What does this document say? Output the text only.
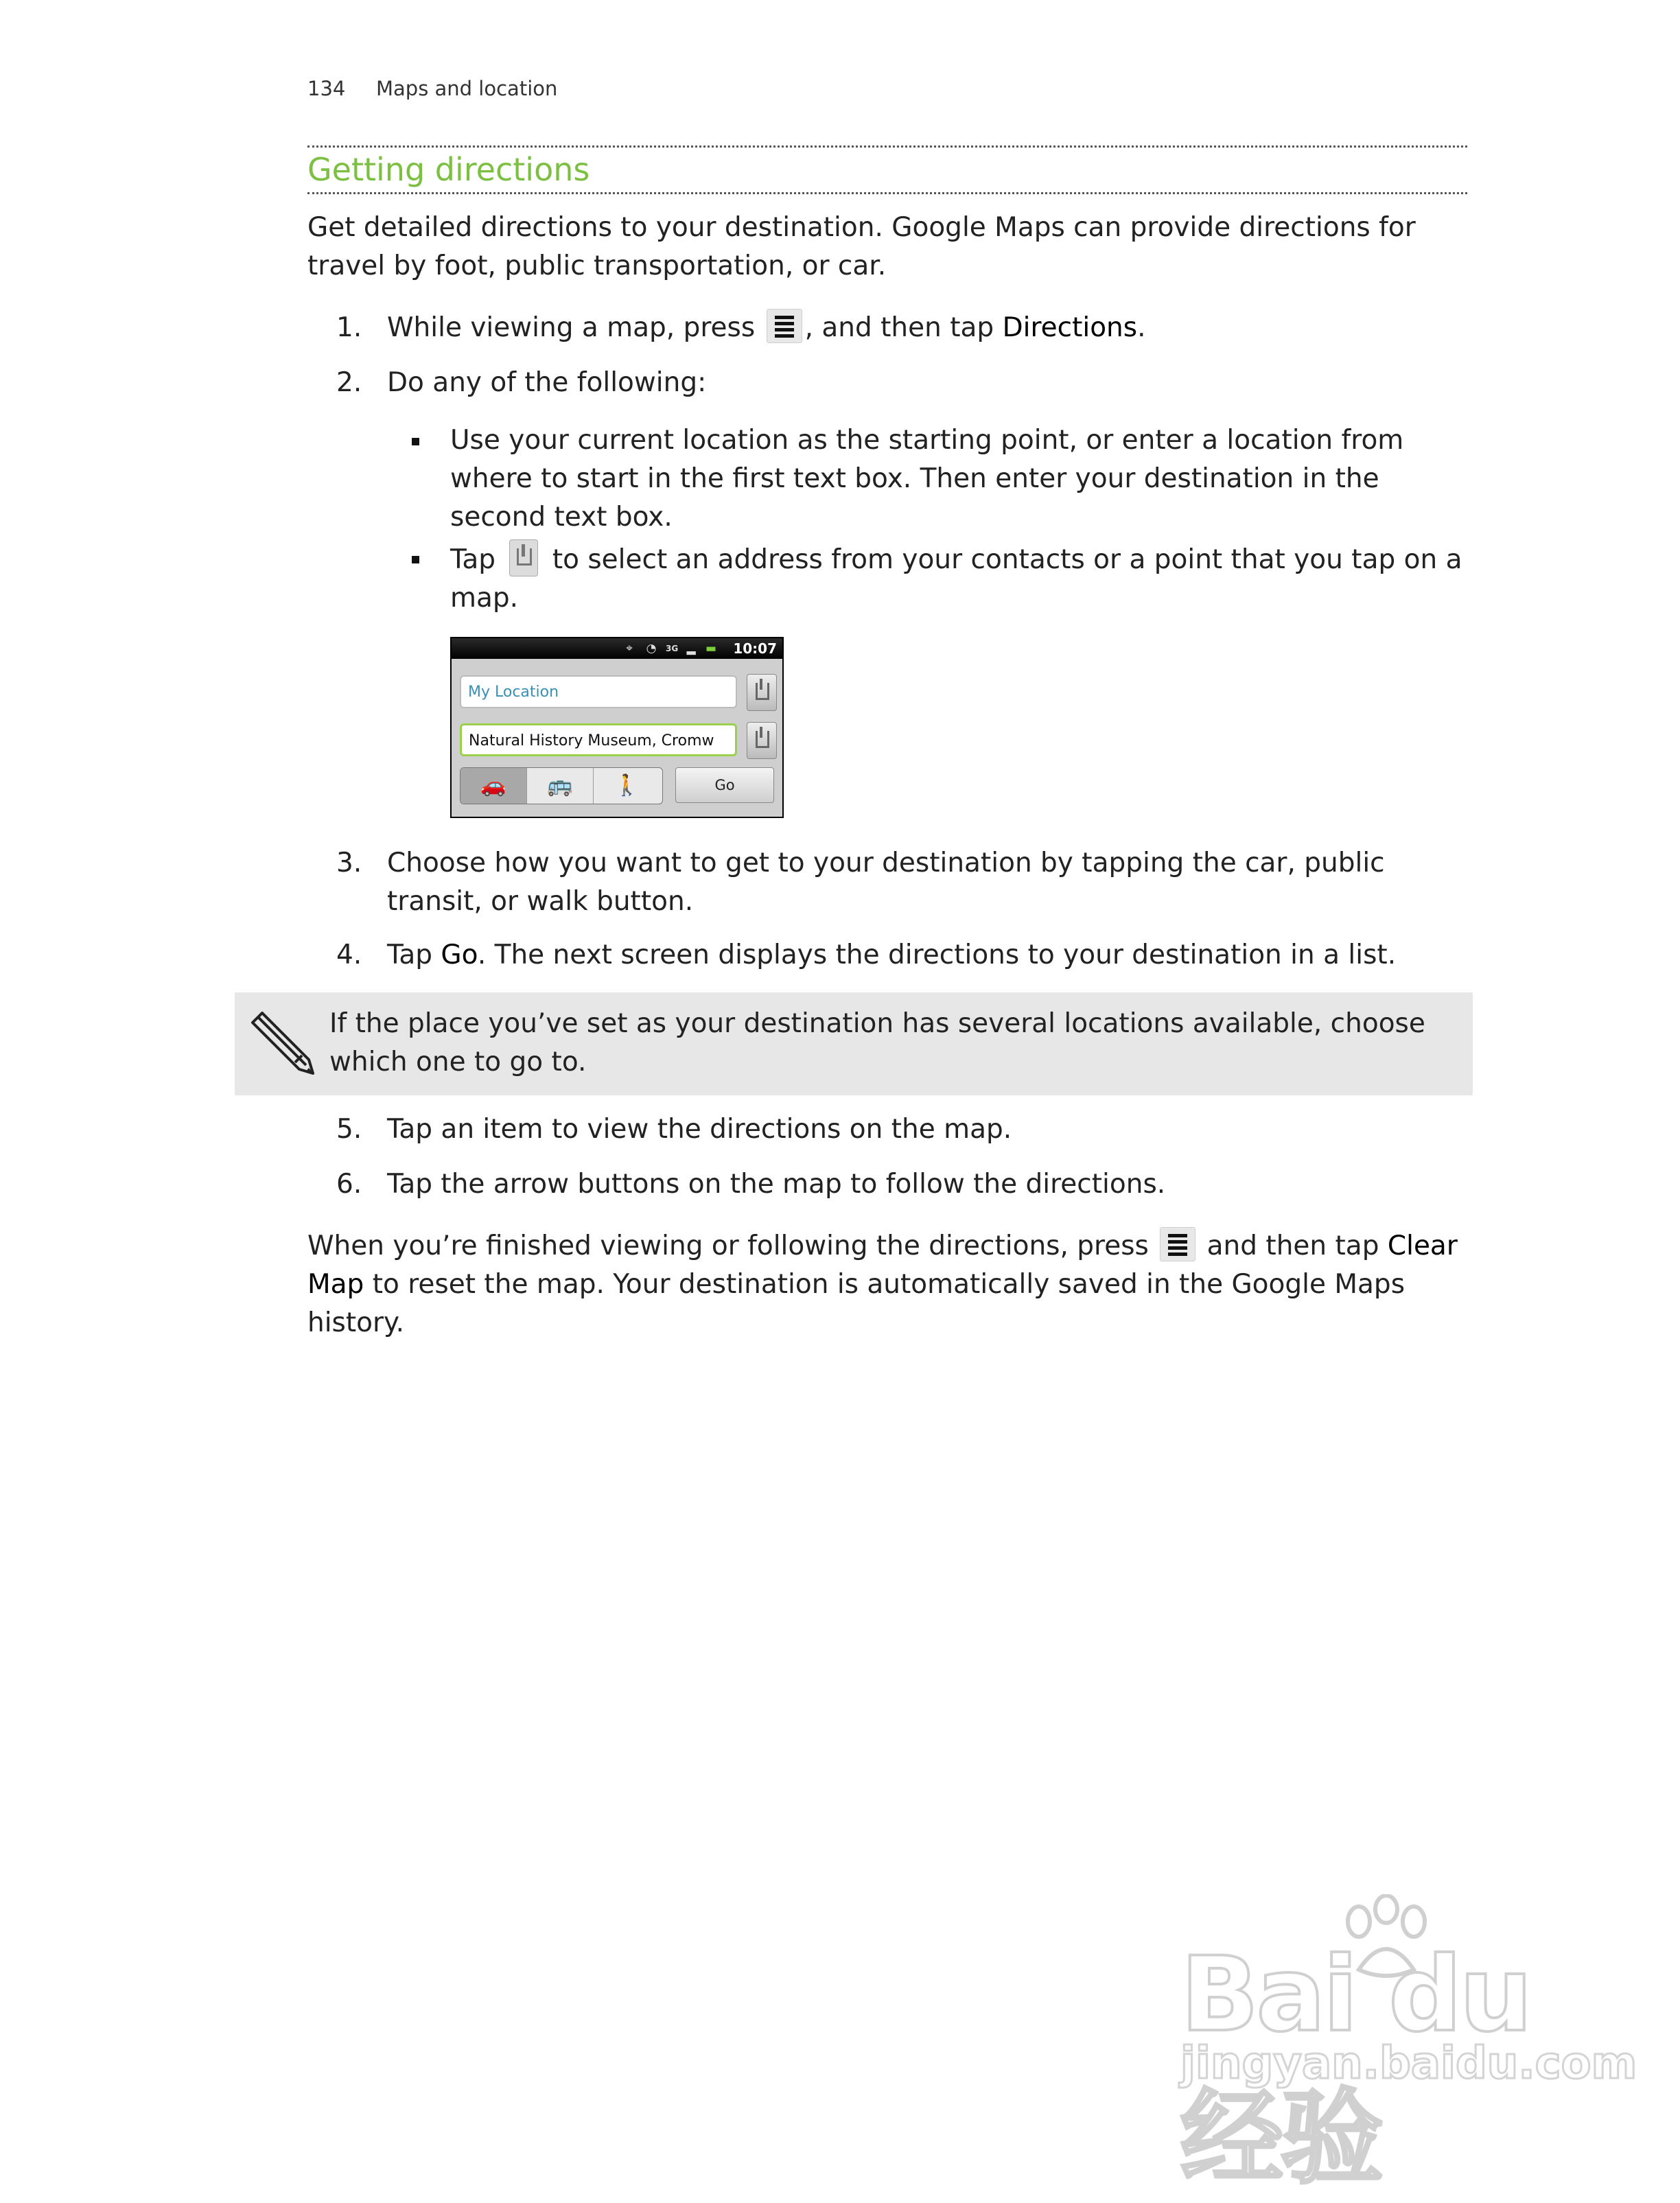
134 Maps and location
Getting directions
Get detailed directions to your destination. Google Maps can provide directions for travel by foot, public transportation, or car.
1. While viewing a map, press
, and then tap Directions.
2. Do any of the following:
Use your current location as the starting point, or enter a location from where to start in the first text box. Then enter your destination in the second text box.
Tap
to select an address from your contacts or a point that you tap on a map.
⌖ ◔ 3G ▂ ▬ 10:07
My Location
Natural History Museum, Cromw
🚗	🚌	🚶	Go
3. Choose how you want to get to your destination by tapping the car, public transit, or walk button.
4. Tap Go. The next screen displays the directions to your destination in a list.
If the place you’ve set as your destination has several locations available, choose which one to go to.
5. Tap an item to view the directions on the map.
6. Tap the arrow buttons on the map to follow the directions.
When you’re finished viewing or following the directions, press
and then tap Clear Map to reset the map. Your destination is automatically saved in the Google Maps history.
Bai du 经验
jingyan.baidu.com
